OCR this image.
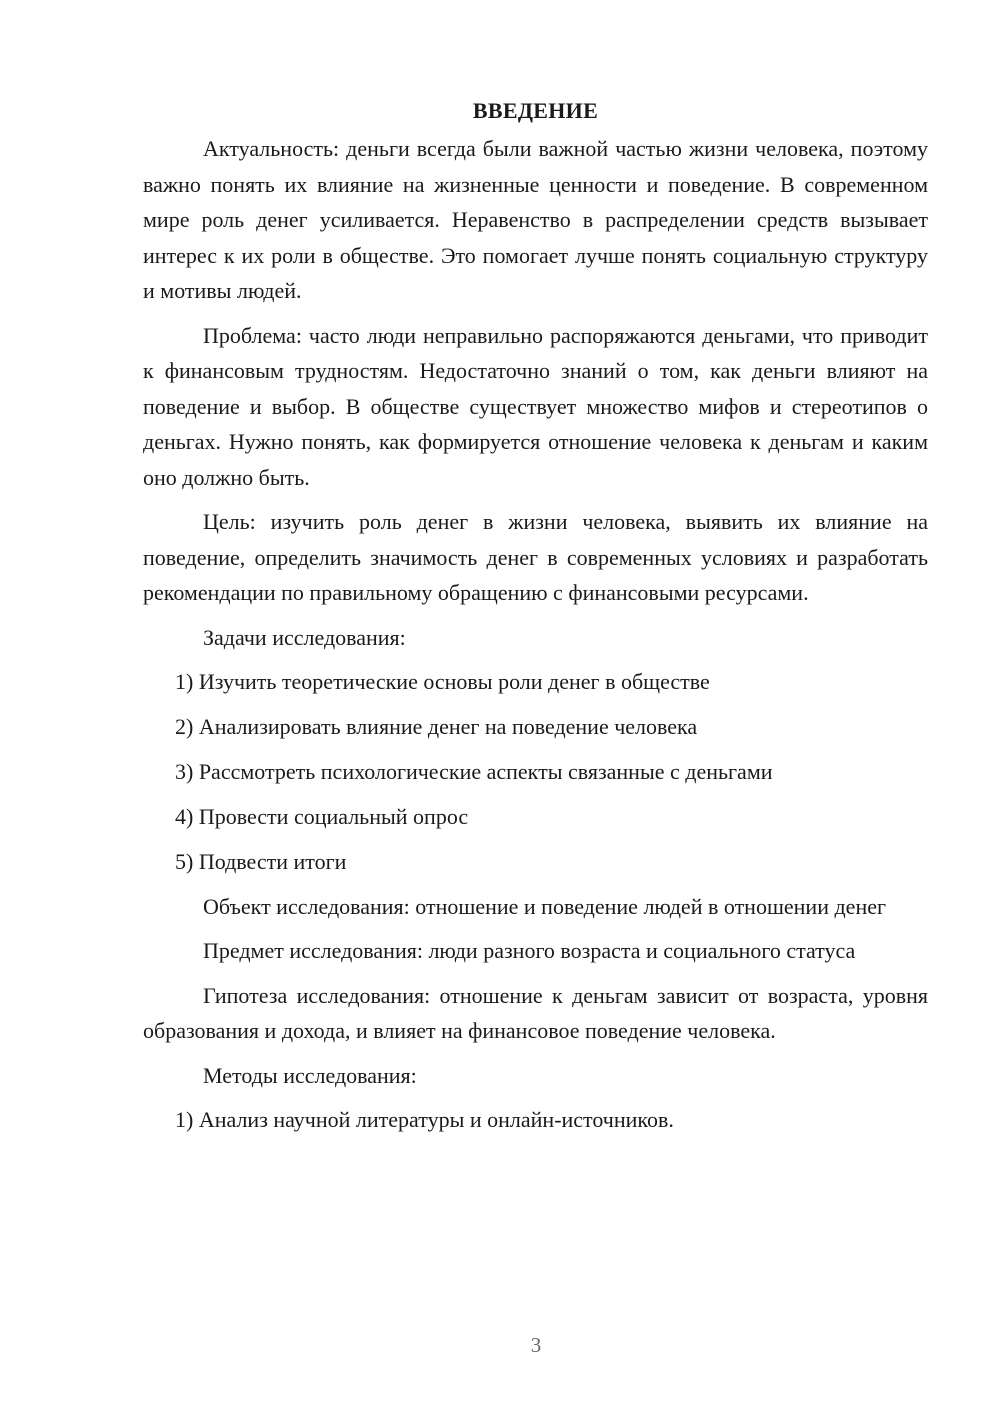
ВВЕДЕНИЕ

Актуальность: деньги всегда были важной частью жизни человека, поэтому важно понять их влияние на жизненные ценности и поведение. В современном мире роль денег усиливается. Неравенство в распределении средств вызывает интерес к их роли в обществе. Это помогает лучше понять социальную структуру и мотивы людей.

Проблема: часто люди неправильно распоряжаются деньгами, что приводит к финансовым трудностям. Недостаточно знаний о том, как деньги влияют на поведение и выбор. В обществе существует множество мифов и стереотипов о деньгах. Нужно понять, как формируется отношение человека к деньгам и каким оно должно быть.

Цель: изучить роль денег в жизни человека, выявить их влияние на поведение, определить значимость денег в современных условиях и разработать рекомендации по правильному обращению с финансовыми ресурсами.

Задачи исследования:

1) Изучить теоретические основы роли денег в обществе
2) Анализировать влияние денег на поведение человека
3) Рассмотреть психологические аспекты связанные с деньгами
4) Провести социальный опрос
5) Подвести итоги

Объект исследования: отношение и поведение людей в отношении денег

Предмет исследования: люди разного возраста и социального статуса

Гипотеза исследования: отношение к деньгам зависит от возраста, уровня образования и дохода, и влияет на финансовое поведение человека.

Методы исследования:

1) Анализ научной литературы и онлайн-источников.
3
